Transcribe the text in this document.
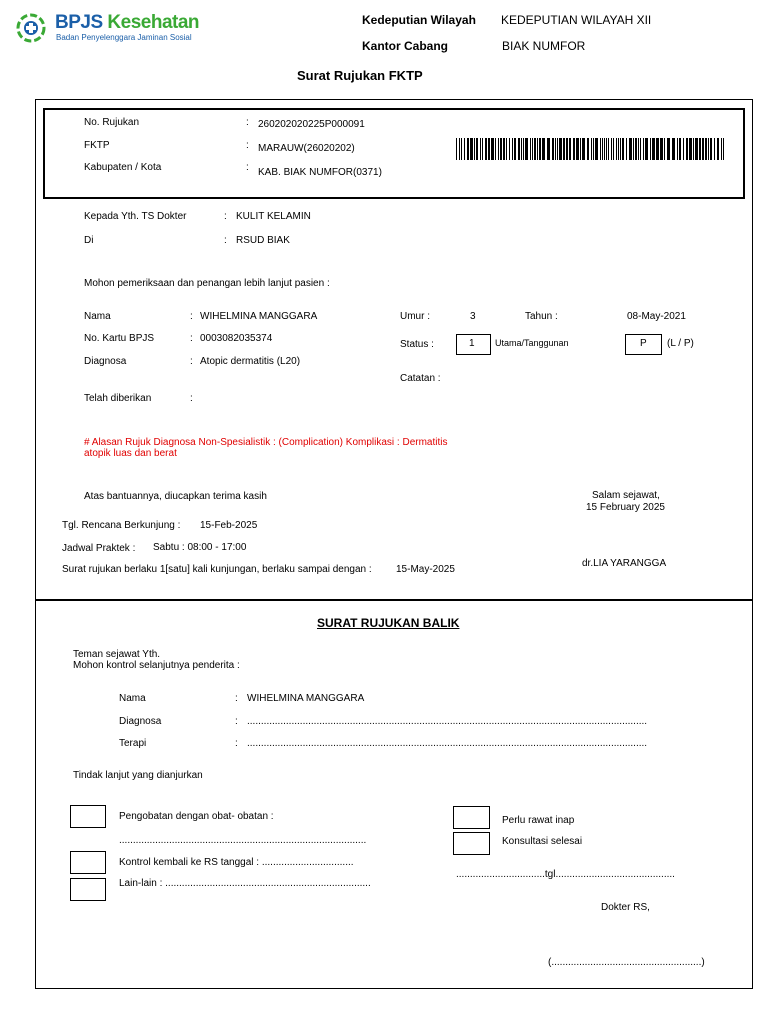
BPJS Kesehatan
Badan Penyelenggara Jaminan Sosial
Kedeputian Wilayah KEDEPUTIAN WILAYAH XII
Kantor Cabang	BIAK NUMFOR
Surat Rujukan FKTP
No. Rujukan	: 260202020225P000091
FKTP	: MARAUW(26020202)
Kabupaten / Kota	: KAB. BIAK NUMFOR(0371)
Kepada Yth. TS Dokter	: KULIT KELAMIN
Di	: RSUD BIAK
Mohon pemeriksaan dan penangan lebih lanjut pasien :
Nama	: WIHELMINA MANGGARA
No. Kartu BPJS	: 0003082035374
Diagnosa	: Atopic dermatitis (L20)
Telah diberikan	:
Umur :	3	Tahun :	08-May-2021
Status :	1 Utama/Tanggunan	P (L / P)
Catatan :
# Alasan Rujuk Diagnosa Non-Spesialistik : (Complication) Komplikasi : Dermatitis
atopik luas dan berat
Atas bantuannya, diucapkan terima kasih	Salam sejawat,
15 February 2025
Tgl. Rencana Berkunjung : 15-Feb-2025
Jadwal Praktek : Sabtu : 08:00 - 17:00
Surat rujukan berlaku 1[satu] kali kunjungan, berlaku sampai dengan : 15-May-2025
dr.LIA YARANGGA
SURAT RUJUKAN BALIK
Teman sejawat Yth.
Mohon kontrol selanjutnya penderita :
Nama	: WIHELMINA MANGGARA
Diagnosa	: ................................................................................................................................................
Terapi	: ................................................................................................................................................
Tindak lanjut yang dianjurkan
Pengobatan dengan obat- obatan :
.........................................................................................
Kontrol kembali ke RS tanggal : .................................
Lain-lain : ..........................................................................
Perlu rawat inap
Konsultasi selesai
................................tgl...........................................
Dokter RS,
(......................................................)
